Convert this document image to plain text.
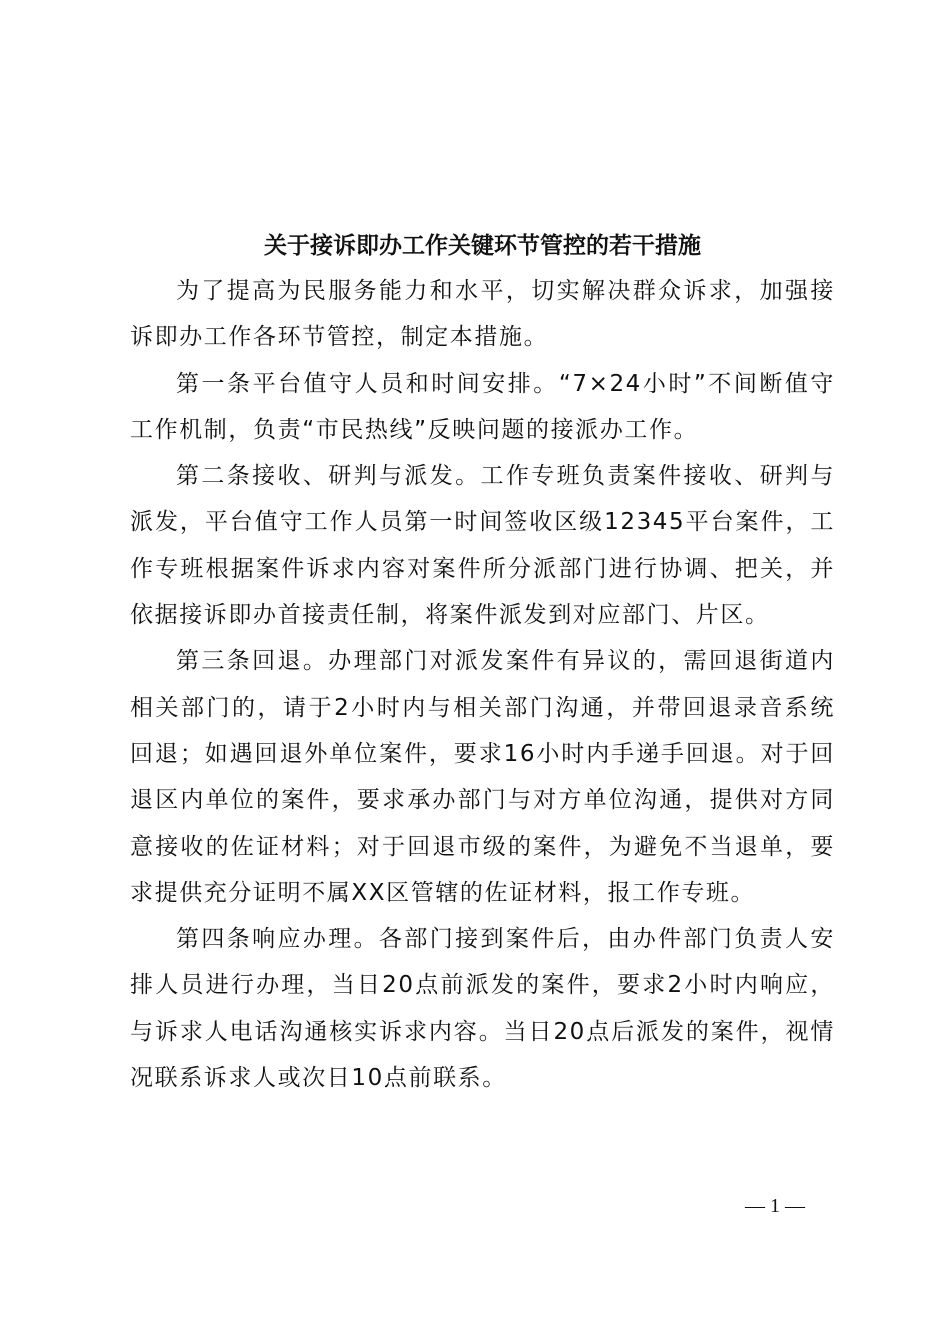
关于接诉即办工作关键环节管控的若干措施

为了提高为民服务能力和水平，切实解决群众诉求，加强接诉即办工作各环节管控，制定本措施。

第一条平台值守人员和时间安排。“7×24小时”不间断值守工作机制，负责“市民热线”反映问题的接派办工作。

第二条接收、研判与派发。工作专班负责案件接收、研判与派发，平台值守工作人员第一时间签收区级12345平台案件，工作专班根据案件诉求内容对案件所分派部门进行协调、把关，并依据接诉即办首接责任制，将案件派发到对应部门、片区。

第三条回退。办理部门对派发案件有异议的，需回退街道内相关部门的，请于2小时内与相关部门沟通，并带回退录音系统回退；如遇回退外单位案件，要求16小时内手递手回退。对于回退区内单位的案件，要求承办部门与对方单位沟通，提供对方同意接收的佐证材料；对于回退市级的案件，为避免不当退单，要求提供充分证明不属XX区管辖的佐证材料，报工作专班。

第四条响应办理。各部门接到案件后，由办件部门负责人安排人员进行办理，当日20点前派发的案件，要求2小时内响应，与诉求人电话沟通核实诉求内容。当日20点后派发的案件，视情况联系诉求人或次日10点前联系。

— 1 —
